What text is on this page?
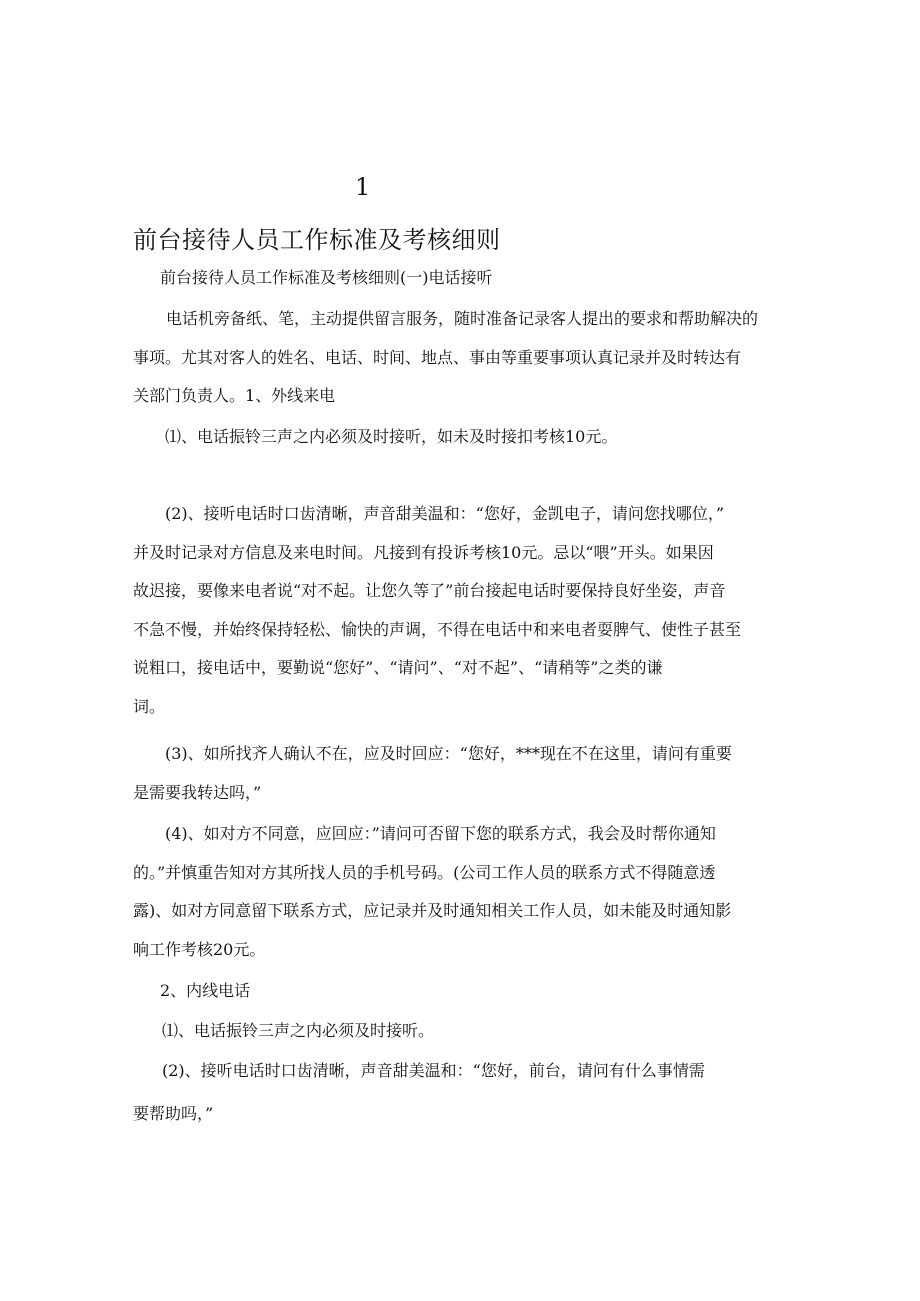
1
前台接待人员工作标准及考核细则
前台接待人员工作标准及考核细则(一)电话接听
电话机旁备纸、笔，主动提供留言服务，随时准备记录客人提出的要求和帮助解决的
事项。尤其对客人的姓名、电话、时间、地点、事由等重要事项认真记录并及时转达有
关部门负责人。1、外线来电
⑴、电话振铃三声之内必须及时接听，如未及时接扣考核10元。
(2)、接听电话时口齿清晰，声音甜美温和：“您好，金凯电子，请问您找哪位，”
并及时记录对方信息及来电时间。凡接到有投诉考核10元。忌以“喂”开头。如果因
故迟接，要像来电者说“对不起。让您久等了”前台接起电话时要保持良好坐姿，声音
不急不慢，并始终保持轻松、愉快的声调，不得在电话中和来电者耍脾气、使性子甚至
说粗口，接电话中，要勤说“您好”、“请问”、“对不起”、“请稍等”之类的谦
词。
(3)、如所找齐人确认不在，应及时回应：“您好，***现在不在这里，请问有重要
是需要我转达吗，”
(4)、如对方不同意，应回应：”请问可否留下您的联系方式，我会及时帮你通知
的。”并慎重告知对方其所找人员的手机号码。(公司工作人员的联系方式不得随意透
露)、如对方同意留下联系方式，应记录并及时通知相关工作人员，如未能及时通知影
响工作考核20元。
2、内线电话
⑴、电话振铃三声之内必须及时接听。
(2)、接听电话时口齿清晰，声音甜美温和：“您好，前台，请问有什么事情需
要帮助吗，”
